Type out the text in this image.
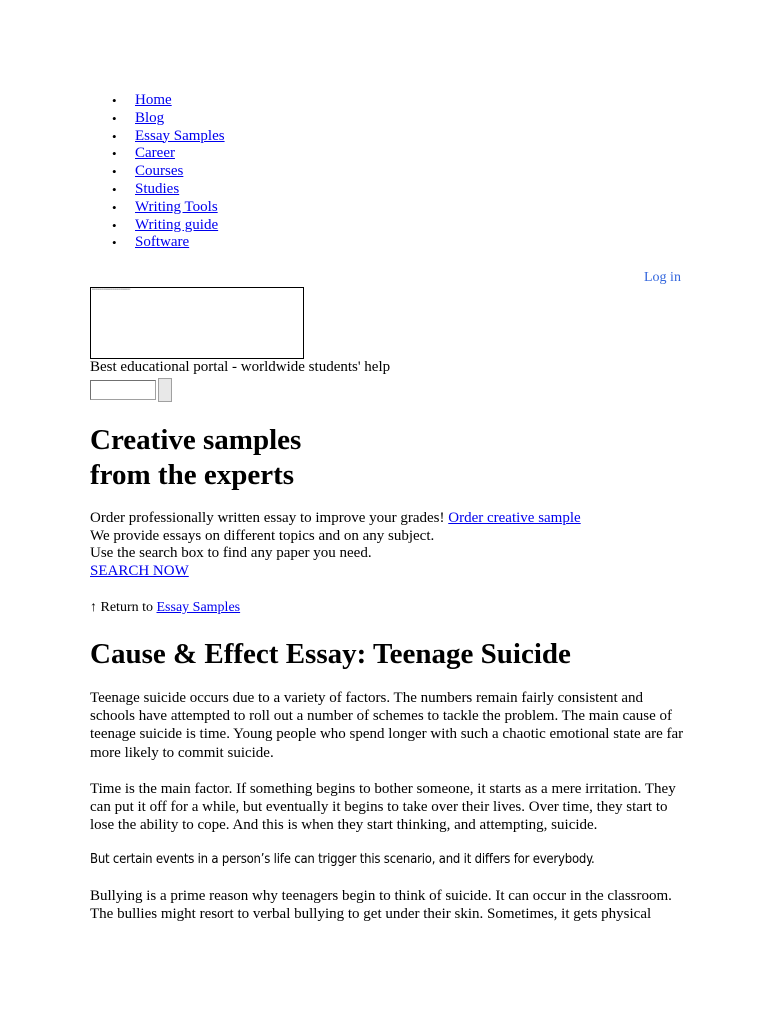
• Home
• Blog
• Essay Samples
• Career
• Courses
• Studies
• Writing Tools
• Writing guide
• Software
Log in
▪▪▪▪▪▪▪▪▪▪▪▪▪▪▪▪▪▪▪▪▪▪▪▪▪▪▪▪▪▪▪▪▪▪▪▪
Best educational portal - worldwide students' help
Creative samples
from the experts
Order professionally written essay to improve your grades! Order creative sample
We provide essays on different topics and on any subject.
Use the search box to find any paper you need.
SEARCH NOW
↑ Return to Essay Samples
Cause & Effect Essay: Teenage Suicide

Teenage suicide occurs due to a variety of factors. The numbers remain fairly consistent and schools have attempted to roll out a number of schemes to tackle the problem. The main cause of teenage suicide is time. Young people who spend longer with such a chaotic emotional state are far more likely to commit suicide.

Time is the main factor. If something begins to bother someone, it starts as a mere irritation. They can put it off for a while, but eventually it begins to take over their lives. Over time, they start to lose the ability to cope. And this is when they start thinking, and attempting, suicide.

But certain events in a person’s life can trigger this scenario, and it differs for everybody.

Bullying is a prime reason why teenagers begin to think of suicide. It can occur in the classroom. The bullies might resort to verbal bullying to get under their skin. Sometimes, it gets physical
